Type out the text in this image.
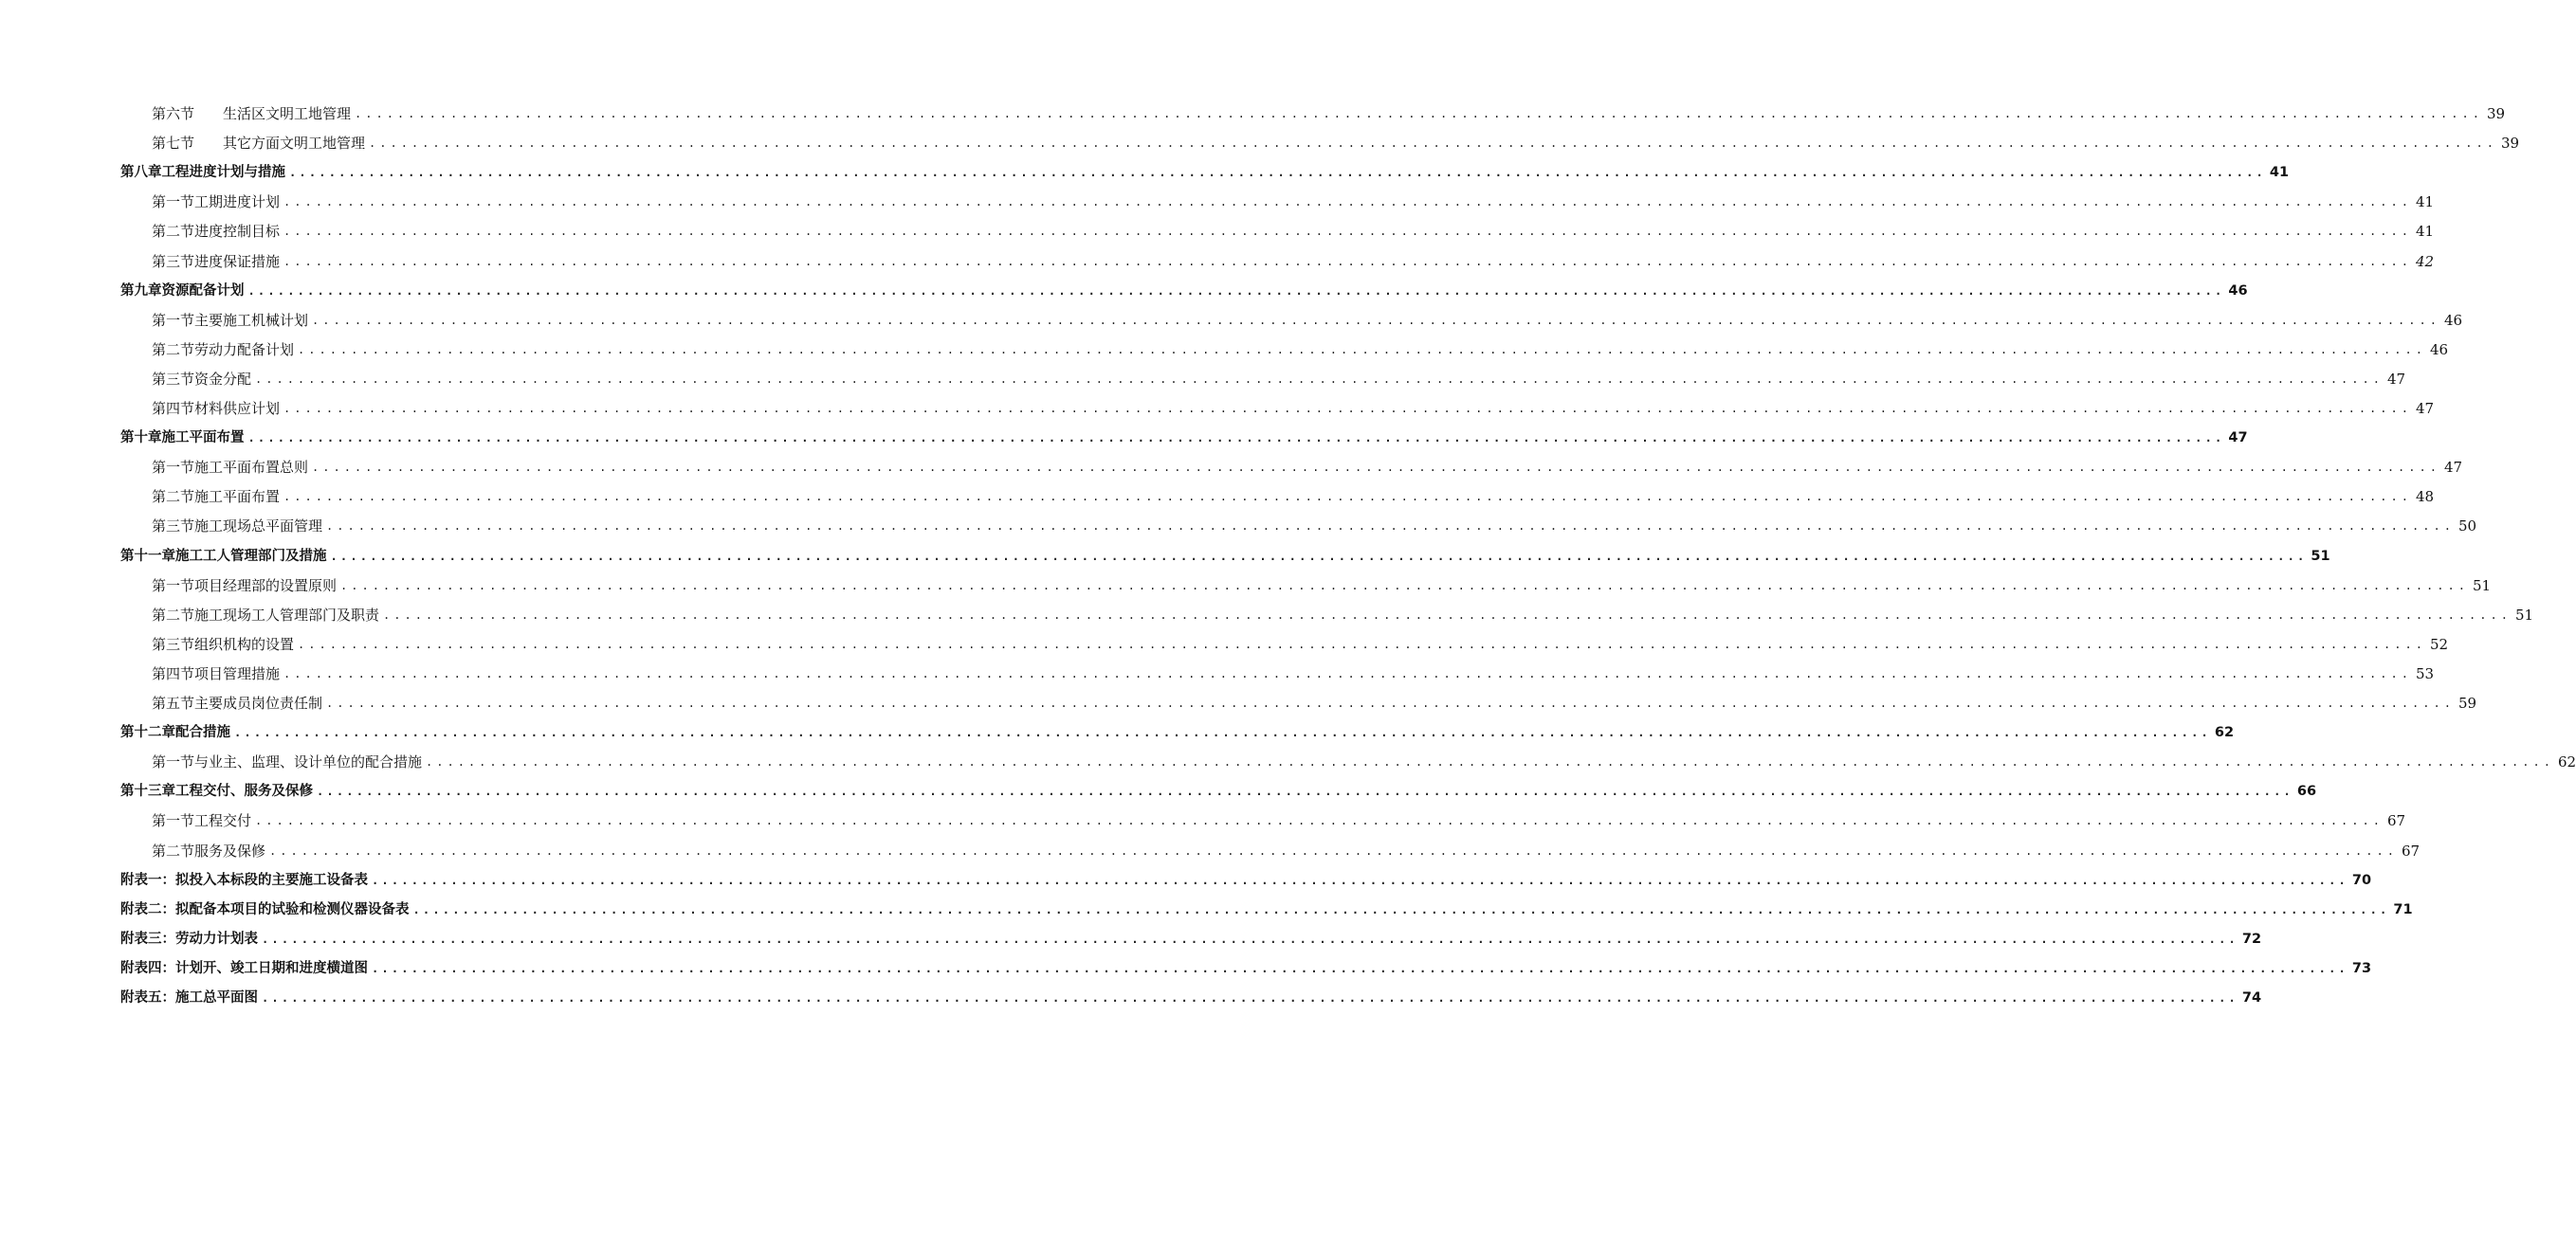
第六节 生活区文明工地管理 ........................................................................................................................................................................................................ 39
第七节 其它方面文明工地管理 ........................................................................................................................................................................................................ 39
第八章工程进度计划与措施 ........................................................................................................................................................................................................ 41
第一节工期进度计划 ........................................................................................................................................................................................................ 41
第二节进度控制目标 ........................................................................................................................................................................................................ 41
第三节进度保证措施 ........................................................................................................................................................................................................ 42
第九章资源配备计划 ........................................................................................................................................................................................................ 46
第一节主要施工机械计划 ........................................................................................................................................................................................................ 46
第二节劳动力配备计划 ........................................................................................................................................................................................................ 46
第三节资金分配 ........................................................................................................................................................................................................ 47
第四节材料供应计划 ........................................................................................................................................................................................................ 47
第十章施工平面布置 ........................................................................................................................................................................................................ 47
第一节施工平面布置总则 ........................................................................................................................................................................................................ 47
第二节施工平面布置 ........................................................................................................................................................................................................ 48
第三节施工现场总平面管理 ........................................................................................................................................................................................................ 50
第十一章施工工人管理部门及措施 ........................................................................................................................................................................................................ 51
第一节项目经理部的设置原则 ........................................................................................................................................................................................................ 51
第二节施工现场工人管理部门及职责 ........................................................................................................................................................................................................ 51
第三节组织机构的设置 ........................................................................................................................................................................................................ 52
第四节项目管理措施 ........................................................................................................................................................................................................ 53
第五节主要成员岗位责任制 ........................................................................................................................................................................................................ 59
第十二章配合措施 ........................................................................................................................................................................................................ 62
第一节与业主、监理、设计单位的配合措施 ........................................................................................................................................................................................................ 62
第十三章工程交付、服务及保修 ........................................................................................................................................................................................................ 66
第一节工程交付 ........................................................................................................................................................................................................ 67
第二节服务及保修 ........................................................................................................................................................................................................ 67
附表一：拟投入本标段的主要施工设备表 ........................................................................................................................................................................................................ 70
附表二：拟配备本项目的试验和检测仪器设备表 ........................................................................................................................................................................................................ 71
附表三：劳动力计划表 ........................................................................................................................................................................................................ 72
附表四：计划开、竣工日期和进度横道图 ........................................................................................................................................................................................................ 73
附表五：施工总平面图 ........................................................................................................................................................................................................ 74
